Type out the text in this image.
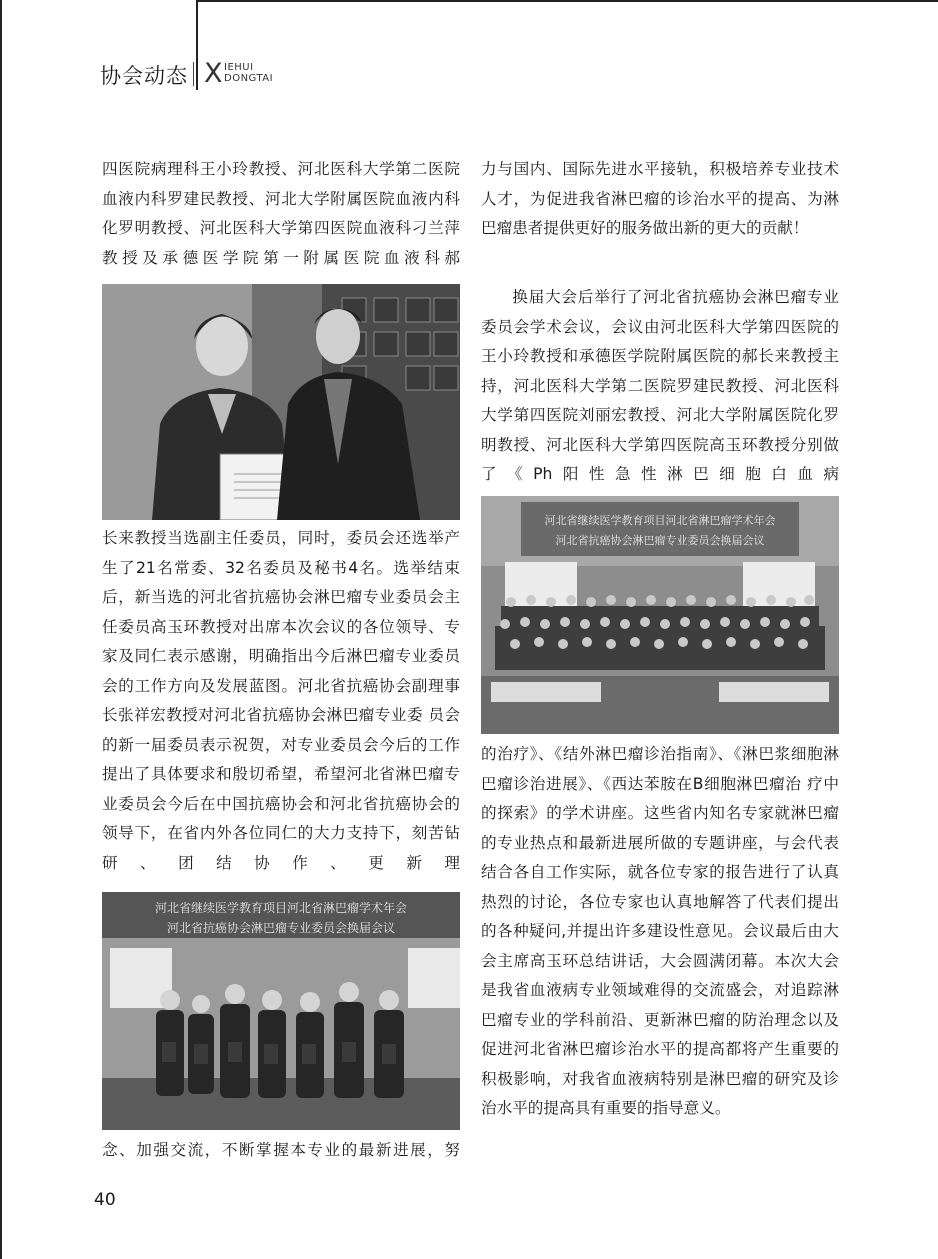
协会动态 X IEHUI
DONGTAI

四医院病理科王小玲教授、河北医科大学第二医院血液内科罗建民教授、河北大学附属医院血液内科化罗明教授、河北医科大学第四医院血液科刁兰萍教授及承德医学院第一附属医院血液科郝

长来教授当选副主任委员，同时，委员会还选举产生了21名常委、32名委员及秘书4名。选举结束后，新当选的河北省抗癌协会淋巴瘤专业委员会主任委员高玉环教授对出席本次会议的各位领导、专家及同仁表示感谢，明确指出今后淋巴瘤专业委员会的工作方向及发展蓝图。河北省抗癌协会副理事长张祥宏教授对河北省抗癌协会淋巴瘤专业委 员会的新一届委员表示祝贺，对专业委员会今后的工作提出了具体要求和殷切希望，希望河北省淋巴瘤专业委员会今后在中国抗癌协会和河北省抗癌协会的领导下，在省内外各位同仁的大力支持下，刻苦钻研、团结协作、更新理

河北省继续医学教育项目河北省淋巴瘤学术年会
河北省抗癌协会淋巴瘤专业委员会换届会议

念、加强交流，不断掌握本专业的最新进展，努

力与国内、国际先进水平接轨，积极培养专业技术人才，为促进我省淋巴瘤的诊治水平的提高、为淋巴瘤患者提供更好的服务做出新的更大的贡献！

换届大会后举行了河北省抗癌协会淋巴瘤专业委员会学术会议，会议由河北医科大学第四医院的王小玲教授和承德医学院附属医院的郝长来教授主持，河北医科大学第二医院罗建民教授、河北医科大学第四医院刘丽宏教授、河北大学附属医院化罗明教授、河北医科大学第四医院高玉环教授分别做了《Ph阳性急性淋巴细胞白血病

河北省继续医学教育项目河北省淋巴瘤学术年会
河北省抗癌协会淋巴瘤专业委员会换届会议

的治疗》、《结外淋巴瘤诊治指南》、《淋巴浆细胞淋巴瘤诊治进展》、《西达苯胺在B细胞淋巴瘤治 疗中的探索》的学术讲座。这些省内知名专家就淋巴瘤的专业热点和最新进展所做的专题讲座，与会代表结合各自工作实际，就各位专家的报告进行了认真热烈的讨论，各位专家也认真地解答了代表们提出的各种疑问,并提出许多建设性意见。会议最后由大会主席高玉环总结讲话，大会圆满闭幕。本次大会是我省血液病专业领域难得的交流盛会，对追踪淋巴瘤专业的学科前沿、更新淋巴瘤的防治理念以及促进河北省淋巴瘤诊治水平的提高都将产生重要的积极影响，对我省血液病特别是淋巴瘤的研究及诊治水平的提高具有重要的指导意义。

40
